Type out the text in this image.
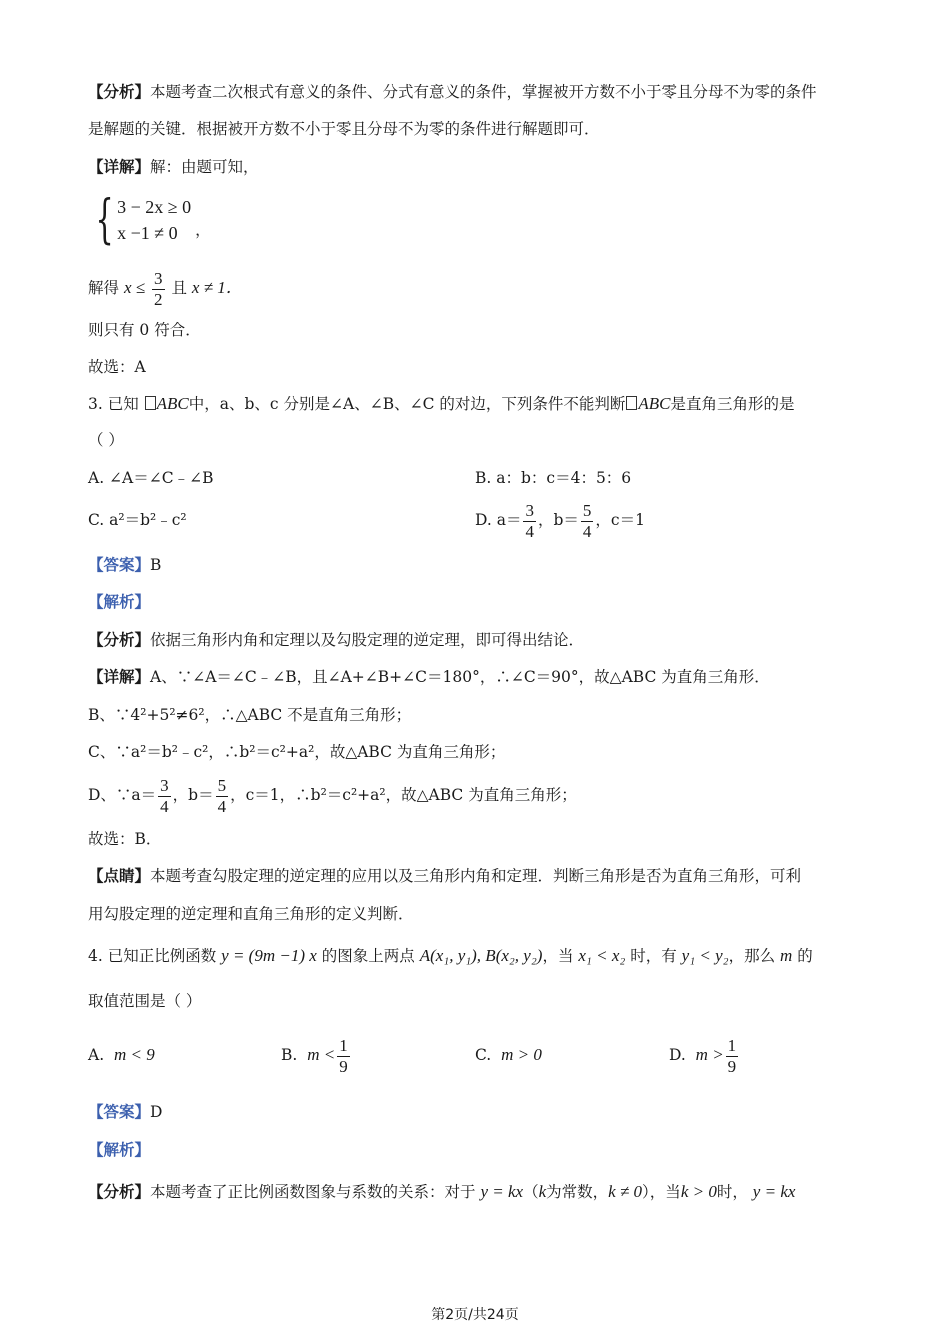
【分析】本题考查二次根式有意义的条件、分式有意义的条件，掌握被开方数不小于零且分母不为零的条件
是解题的关键．根据被开方数不小于零且分母不为零的条件进行解题即可．
【详解】解：由题可知，
{ 3 − 2x ≥ 0
x −1 ≠ 0	，
解得 $x \le \frac{3}{2}$ 且 x ≠ 1．
则只有 0 符合．
故选：A
3. 已知 ABC中，a、b、c 分别是∠A、∠B、∠C 的对边，下列条件不能判断 ABC是直角三角形的是
（ ）
A. ∠A＝∠C﹣∠B	B. a：b：c＝4：5：6
C. a²＝b²﹣c²	D. $a= \frac{3}{4}$ ，$b= \frac{5}{4}$ ，c＝1
【答案】B
【解析】
【分析】依据三角形内角和定理以及勾股定理的逆定理，即可得出结论．
【详解】A、∵∠A＝∠C﹣∠B，且∠A+∠B+∠C＝180°，∴∠C＝90°，故△ABC 为直角三角形．
B、∵4²+5²≠6²，∴△ABC 不是直角三角形；
C、∵a²＝b²﹣c²，∴b²＝c²+a²，故△ABC 为直角三角形；
D、∵a＝ $\frac{3}{4}$ ，$b= \frac{5}{4}$ ，c＝1，∴b²＝c²+a²，故△ABC 为直角三角形；
故选：B．
【点睛】本题考查勾股定理的逆定理的应用以及三角形内角和定理．判断三角形是否为直角三角形，可利
用勾股定理的逆定理和直角三角形的定义判断．
4. 已知正比例函数 y = (9m −1) x 的图象上两点 A(x₁, y₁), B(x₂, y₂)，当 x₁ < x₂ 时，有 y₁ < y₂，那么 m 的
取值范围是（ ）
A. m < 9	B. $m < \frac{1}{9}$	C. m > 0	D. $m > \frac{1}{9}$
【答案】D
【解析】
【分析】本题考查了正比例函数图象与系数的关系：对于 y = kx（k为常数，k ≠ 0），当k > 0时， y = kx
第2页/共24页
